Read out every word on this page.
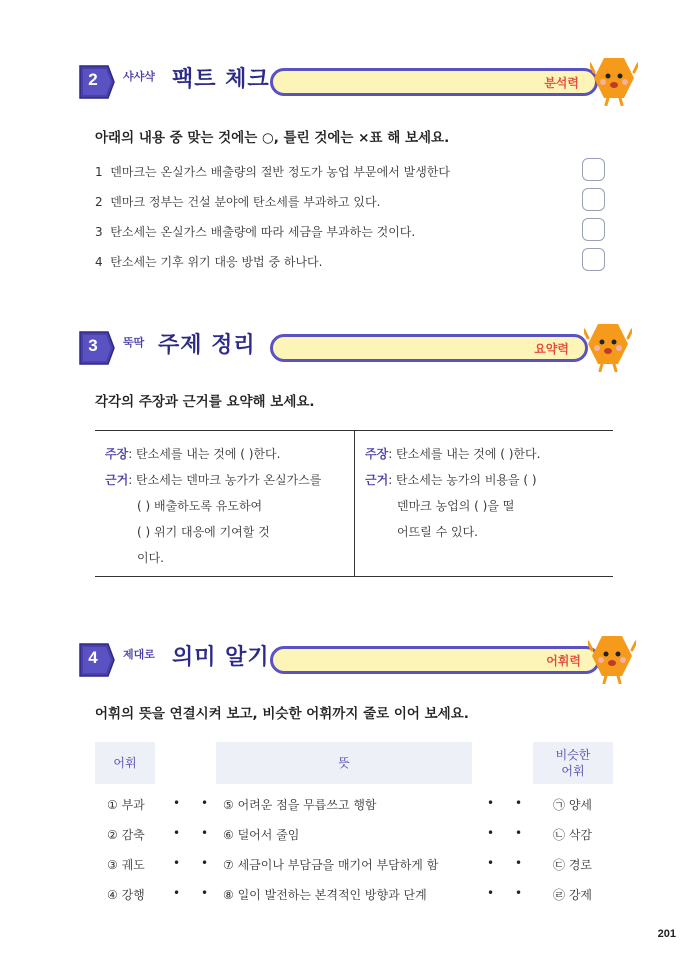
2	샤샤샥 팩트 체크	분석력
아래의 내용 중 맞는 것에는 ○, 틀린 것에는 ×표 해 보세요.
1 덴마크는 온실가스 배출량의 절반 정도가 농업 부문에서 발생한다
2 덴마크 정부는 건설 분야에 탄소세를 부과하고 있다.
3 탄소세는 온실가스 배출량에 따라 세금을 부과하는 것이다.
4 탄소세는 기후 위기 대응 방법 중 하나다.
3	뚝딱 주제 정리	요약력
각각의 주장과 근거를 요약해 보세요.
주장: 탄소세를 내는 것에 ( )한다.
근거: 탄소세는 덴마크 농가가 온실가스를
( ) 배출하도록 유도하여
( ) 위기 대응에 기여할 것
이다.
주장: 탄소세를 내는 것에 ( )한다.
근거: 탄소세는 농가의 비용을 ( )
덴마크 농업의 ( )을 떨
어뜨릴 수 있다.
4	제대로 의미 알기	어휘력
어휘의 뜻을 연결시켜 보고, 비슷한 어휘까지 줄로 이어 보세요.
어휘	뜻
비슷한
어휘
① 부과 • • ⑤ 어려운 점을 무릅쓰고 행함	• •	㉠ 양세
② 감축 • • ⑥ 덜어서 줄임	• •	㉡ 삭감
③ 궤도 • • ⑦ 세금이나 부담금을 매기어 부담하게 함	• •	㉢ 경로
④ 강행 • • ⑧ 일이 발전하는 본격적인 방향과 단계	• •	㉣ 강제
201
